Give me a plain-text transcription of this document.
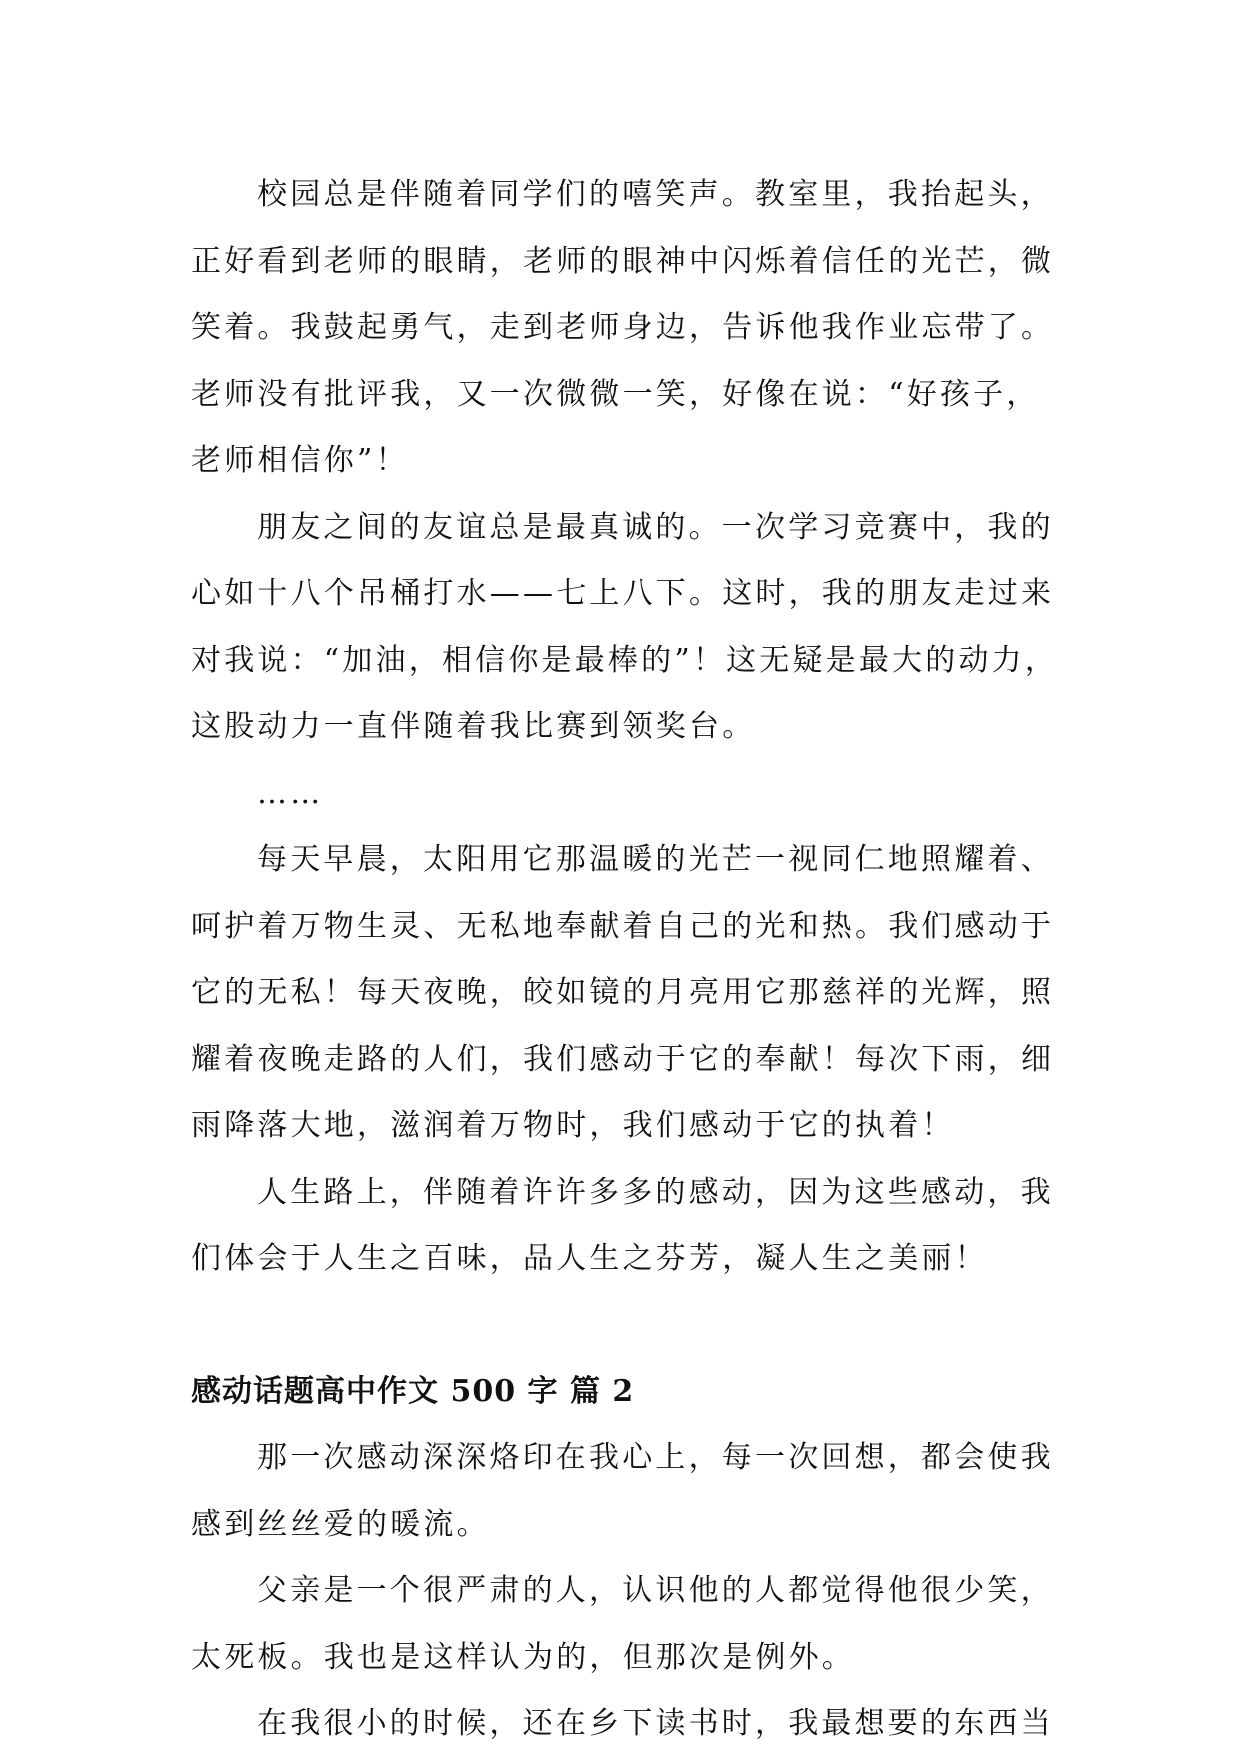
校园总是伴随着同学们的嘻笑声。教室里，我抬起头，
正好看到老师的眼睛，老师的眼神中闪烁着信任的光芒，微
笑着。我鼓起勇气，走到老师身边，告诉他我作业忘带了。
老师没有批评我，又一次微微一笑，好像在说：“好孩子，
老师相信你”！

朋友之间的友谊总是最真诚的。一次学习竞赛中，我的
心如十八个吊桶打水——七上八下。这时，我的朋友走过来
对我说：“加油，相信你是最棒的”！这无疑是最大的动力，
这股动力一直伴随着我比赛到领奖台。

……

每天早晨，太阳用它那温暖的光芒一视同仁地照耀着、
呵护着万物生灵、无私地奉献着自己的光和热。我们感动于
它的无私！每天夜晚，皎如镜的月亮用它那慈祥的光辉，照
耀着夜晚走路的人们，我们感动于它的奉献！每次下雨，细
雨降落大地，滋润着万物时，我们感动于它的执着！

人生路上，伴随着许许多多的感动，因为这些感动，我
们体会于人生之百味，品人生之芬芳，凝人生之美丽！

感动话题高中作文 500 字 篇 2

那一次感动深深烙印在我心上，每一次回想，都会使我
感到丝丝爱的暖流。

父亲是一个很严肃的人，认识他的人都觉得他很少笑，
太死板。我也是这样认为的，但那次是例外。

在我很小的时候，还在乡下读书时，我最想要的东西当
